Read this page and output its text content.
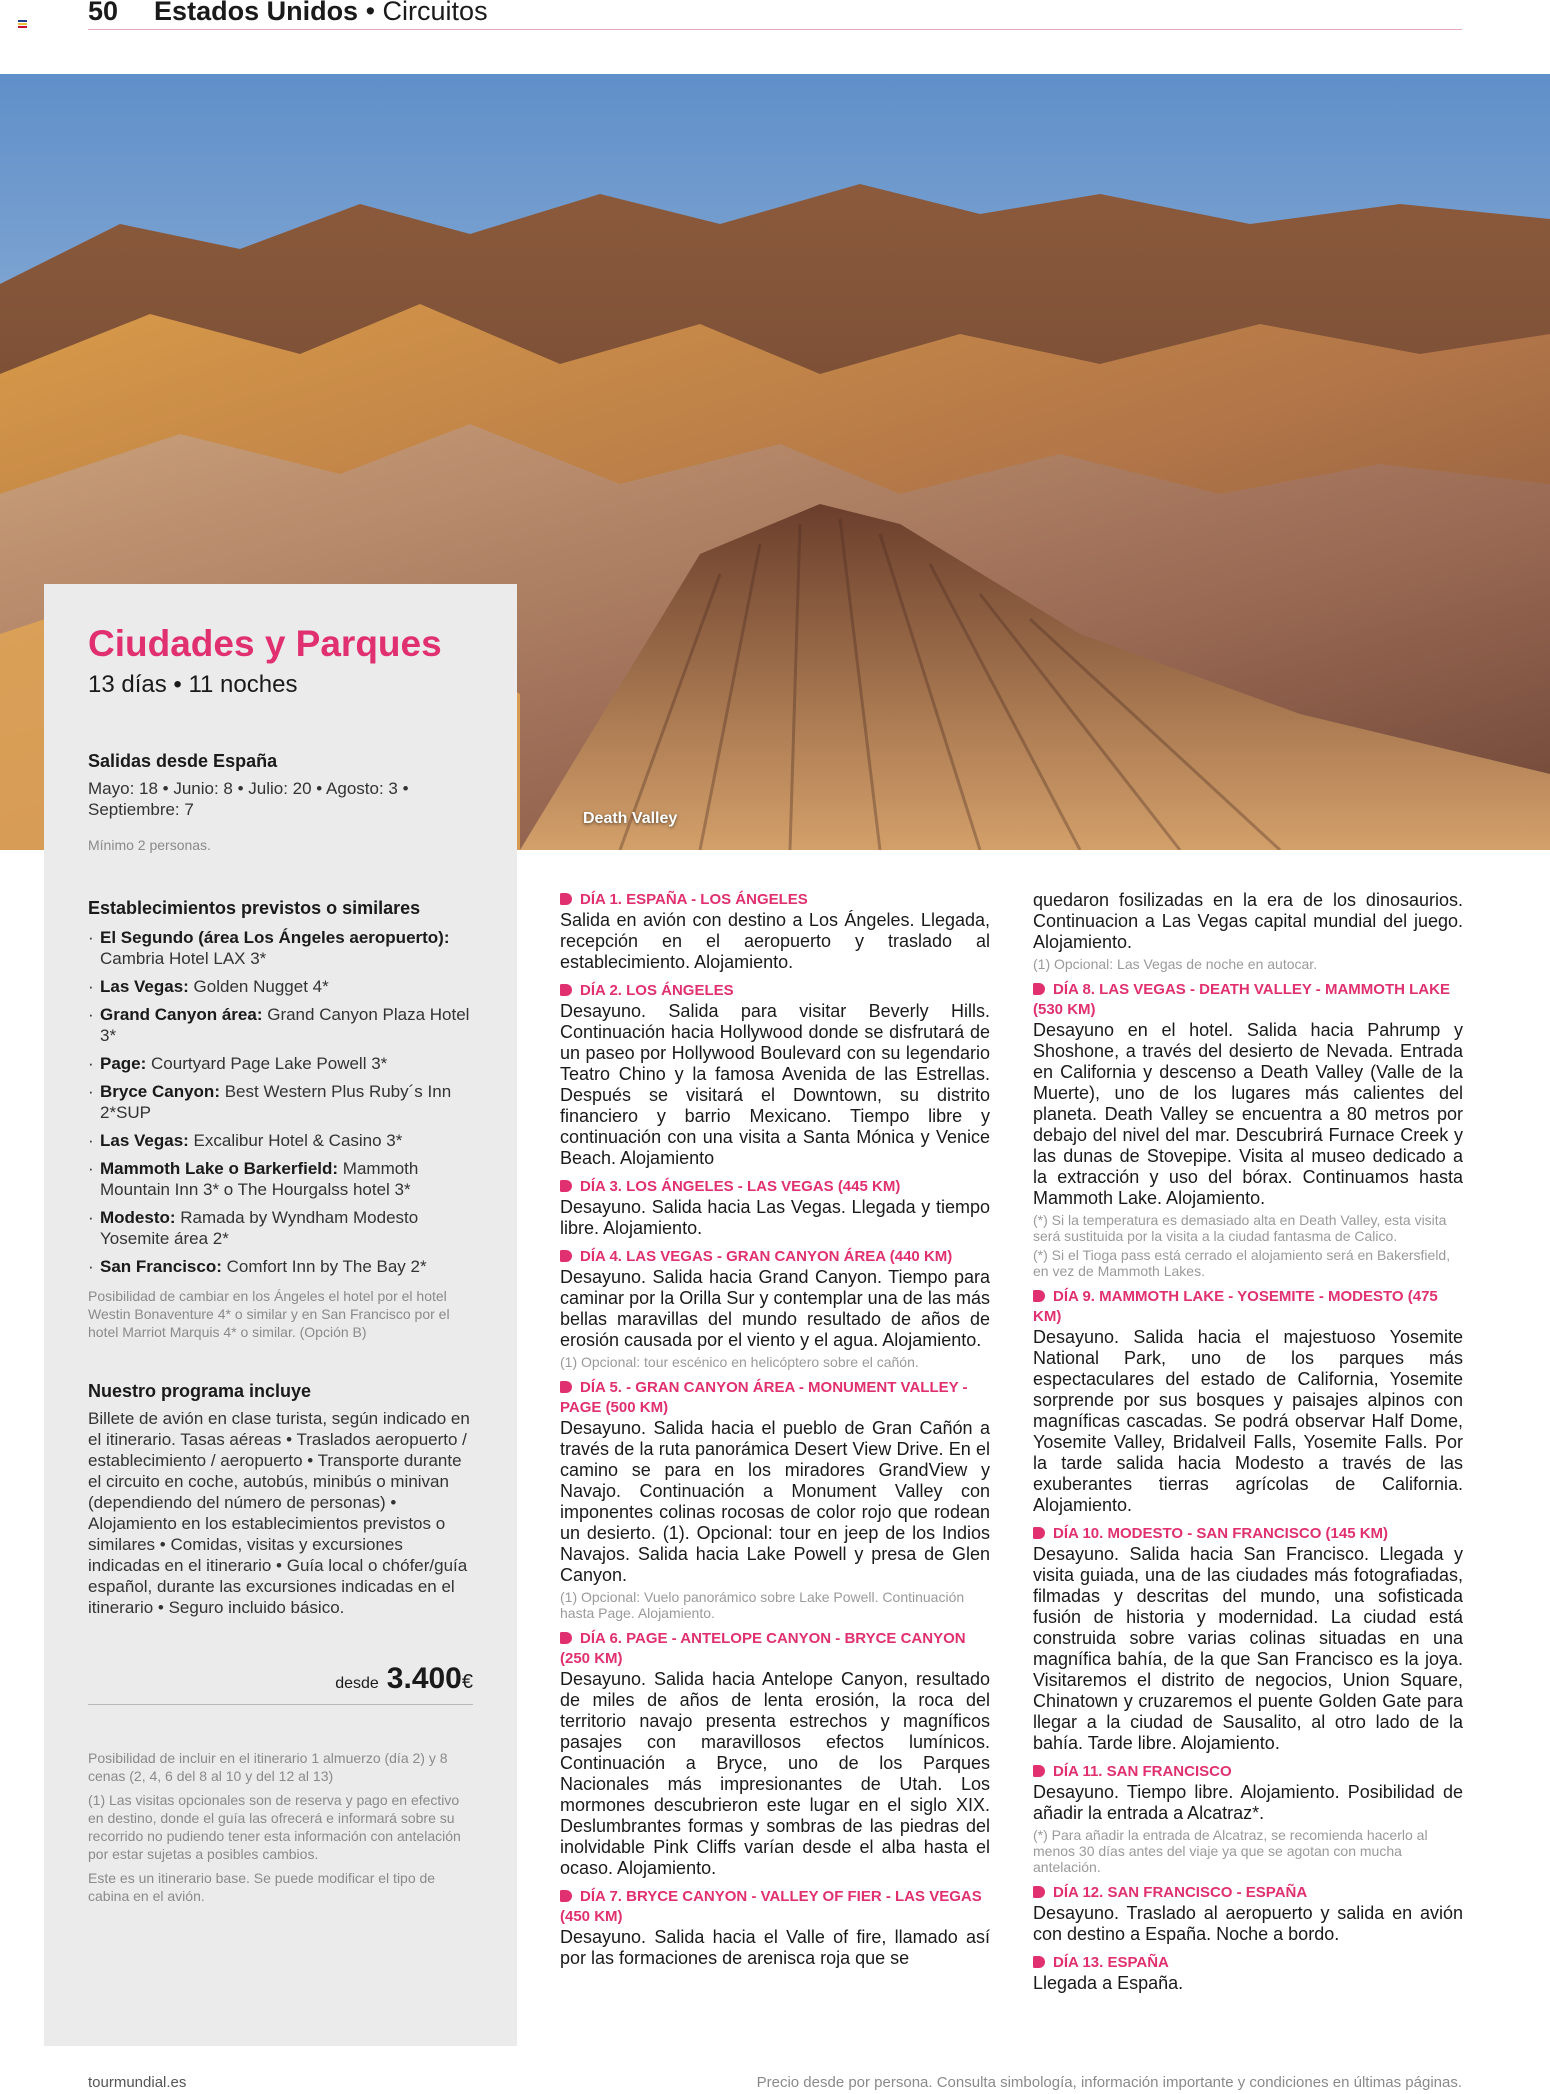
50 Estados Unidos • Circuitos
Death Valley
Ciudades y Parques
13 días • 11 noches
Salidas desde España
Mayo: 18 • Junio: 8 • Julio: 20 • Agosto: 3 • Septiembre: 7
Mínimo 2 personas.
Establecimientos previstos o similares
· El Segundo (área Los Ángeles aeropuerto): Cambria Hotel LAX 3*
· Las Vegas: Golden Nugget 4*
· Grand Canyon área: Grand Canyon Plaza Hotel 3*
· Page: Courtyard Page Lake Powell 3*
· Bryce Canyon: Best Western Plus Ruby´s Inn 2*SUP
· Las Vegas: Excalibur Hotel & Casino 3*
· Mammoth Lake o Barkerfield: Mammoth Mountain Inn 3* o The Hourgalss hotel 3*
· Modesto: Ramada by Wyndham Modesto Yosemite área 2*
· San Francisco: Comfort Inn by The Bay 2*
Posibilidad de cambiar en los Ángeles el hotel por el hotel Westin Bonaventure 4* o similar y en San Francisco por el hotel Marriot Marquis 4* o similar. (Opción B)
Nuestro programa incluye
Billete de avión en clase turista, según indicado en el itinerario. Tasas aéreas • Traslados aeropuerto / establecimiento / aeropuerto • Transporte durante el circuito en coche, autobús, minibús o minivan (dependiendo del número de personas) • Alojamiento en los establecimientos previstos o similares • Comidas, visitas y excursiones indicadas en el itinerario • Guía local o chófer/guía español, durante las excursiones indicadas en el itinerario • Seguro incluido básico.
desde 3.400€
Posibilidad de incluir en el itinerario 1 almuerzo (día 2) y 8 cenas (2, 4, 6 del 8 al 10 y del 12 al 13)
(1) Las visitas opcionales son de reserva y pago en efectivo en destino, donde el guía las ofrecerá e informará sobre su recorrido no pudiendo tener esta información con antelación por estar sujetas a posibles cambios.
Este es un itinerario base. Se puede modificar el tipo de cabina en el avión.
DÍA 1. ESPAÑA - LOS ÁNGELES
Salida en avión con destino a Los Ángeles. Llegada, recepción en el aeropuerto y traslado al establecimiento. Alojamiento.
DÍA 2. LOS ÁNGELES
Desayuno. Salida para visitar Beverly Hills. Continuación hacia Hollywood donde se disfrutará de un paseo por Hollywood Boulevard con su legendario Teatro Chino y la famosa Avenida de las Estrellas. Después se visitará el Downtown, su distrito financiero y barrio Mexicano. Tiempo libre y continuación con una visita a Santa Mónica y Venice Beach. Alojamiento
DÍA 3. LOS ÁNGELES - LAS VEGAS (445 KM)
Desayuno. Salida hacia Las Vegas. Llegada y tiempo libre. Alojamiento.
DÍA 4. LAS VEGAS - GRAN CANYON ÁREA (440 KM)
Desayuno. Salida hacia Grand Canyon. Tiempo para caminar por la Orilla Sur y contemplar una de las más bellas maravillas del mundo resultado de años de erosión causada por el viento y el agua. Alojamiento.
(1) Opcional: tour escénico en helicóptero sobre el cañón.
DÍA 5. - GRAN CANYON ÁREA - MONUMENT VALLEY - PAGE (500 KM)
Desayuno. Salida hacia el pueblo de Gran Cañón a través de la ruta panorámica Desert View Drive. En el camino se para en los miradores GrandView y Navajo. Continuación a Monument Valley con imponentes colinas rocosas de color rojo que rodean un desierto. (1). Opcional: tour en jeep de los Indios Navajos. Salida hacia Lake Powell y presa de Glen Canyon.
(1) Opcional: Vuelo panorámico sobre Lake Powell. Continuación hasta Page. Alojamiento.
DÍA 6. PAGE - ANTELOPE CANYON - BRYCE CANYON (250 KM)
Desayuno. Salida hacia Antelope Canyon, resultado de miles de años de lenta erosión, la roca del territorio navajo presenta estrechos y magníficos pasajes con maravillosos efectos lumínicos. Continuación a Bryce, uno de los Parques Nacionales más impresionantes de Utah. Los mormones descubrieron este lugar en el siglo XIX. Deslumbrantes formas y sombras de las piedras del inolvidable Pink Cliffs varían desde el alba hasta el ocaso. Alojamiento.
DÍA 7. BRYCE CANYON - VALLEY OF FIER - LAS VEGAS (450 KM)
Desayuno. Salida hacia el Valle of fire, llamado así por las formaciones de arenisca roja que se
quedaron fosilizadas en la era de los dinosaurios. Continuacion a Las Vegas capital mundial del juego. Alojamiento.
(1) Opcional: Las Vegas de noche en autocar.
DÍA 8. LAS VEGAS - DEATH VALLEY - MAMMOTH LAKE (530 KM)
Desayuno en el hotel. Salida hacia Pahrump y Shoshone, a través del desierto de Nevada. Entrada en California y descenso a Death Valley (Valle de la Muerte), uno de los lugares más calientes del planeta. Death Valley se encuentra a 80 metros por debajo del nivel del mar. Descubrirá Furnace Creek y las dunas de Stovepipe. Visita al museo dedicado a la extracción y uso del bórax. Continuamos hasta Mammoth Lake. Alojamiento.
(*) Si la temperatura es demasiado alta en Death Valley, esta visita será sustituida por la visita a la ciudad fantasma de Calico.
(*) Si el Tioga pass está cerrado el alojamiento será en Bakersfield, en vez de Mammoth Lakes.
DÍA 9. MAMMOTH LAKE - YOSEMITE - MODESTO (475 KM)
Desayuno. Salida hacia el majestuoso Yosemite National Park, uno de los parques más espectaculares del estado de California, Yosemite sorprende por sus bosques y paisajes alpinos con magníficas cascadas. Se podrá observar Half Dome, Yosemite Valley, Bridalveil Falls, Yosemite Falls. Por la tarde salida hacia Modesto a través de las exuberantes tierras agrícolas de California. Alojamiento.
DÍA 10. MODESTO - SAN FRANCISCO (145 KM)
Desayuno. Salida hacia San Francisco. Llegada y visita guiada, una de las ciudades más fotografiadas, filmadas y descritas del mundo, una sofisticada fusión de historia y modernidad. La ciudad está construida sobre varias colinas situadas en una magnífica bahía, de la que San Francisco es la joya. Visitaremos el distrito de negocios, Union Square, Chinatown y cruzaremos el puente Golden Gate para llegar a la ciudad de Sausalito, al otro lado de la bahía. Tarde libre. Alojamiento.
DÍA 11. SAN FRANCISCO
Desayuno. Tiempo libre. Alojamiento. Posibilidad de añadir la entrada a Alcatraz*.
(*) Para añadir la entrada de Alcatraz, se recomienda hacerlo al menos 30 días antes del viaje ya que se agotan con mucha antelación.
DÍA 12. SAN FRANCISCO - ESPAÑA
Desayuno. Traslado al aeropuerto y salida en avión con destino a España. Noche a bordo.
DÍA 13. ESPAÑA
Llegada a España.
tourmundial.es	Precio desde por persona. Consulta simbología, información importante y condiciones en últimas páginas.
